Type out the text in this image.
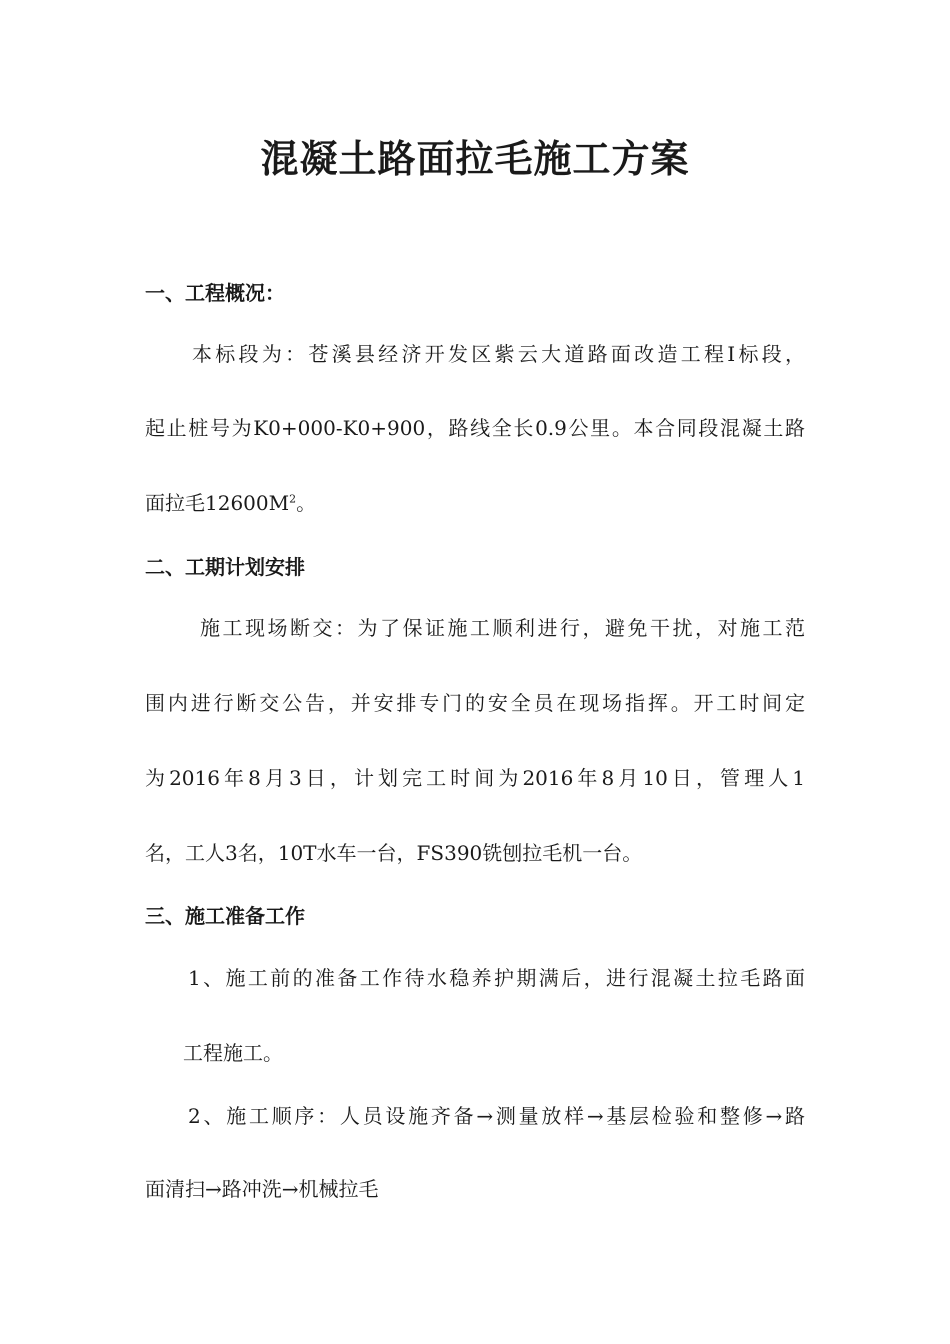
混凝土路面拉毛施工方案
一、工程概况：
本标段为：苍溪县经济开发区紫云大道路面改造工程Ⅰ标段，
起止桩号为K0+000-K0+900，路线全长0.9公里。本合同段混凝土路
面拉毛$12600M^2$。
二、工期计划安排
施工现场断交：为了保证施工顺利进行，避免干扰，对施工范
围内进行断交公告，并安排专门的安全员在现场指挥。开工时间定
为2016年8月3日，计划完工时间为2016年8月10日，管理人1
名，工人3名，10T水车一台，FS390铣刨拉毛机一台。
三、施工准备工作
1、施工前的准备工作待水稳养护期满后，进行混凝土拉毛路面
工程施工。
2、施工顺序：人员设施齐备→测量放样→基层检验和整修→路
面清扫→路冲洗→机械拉毛
